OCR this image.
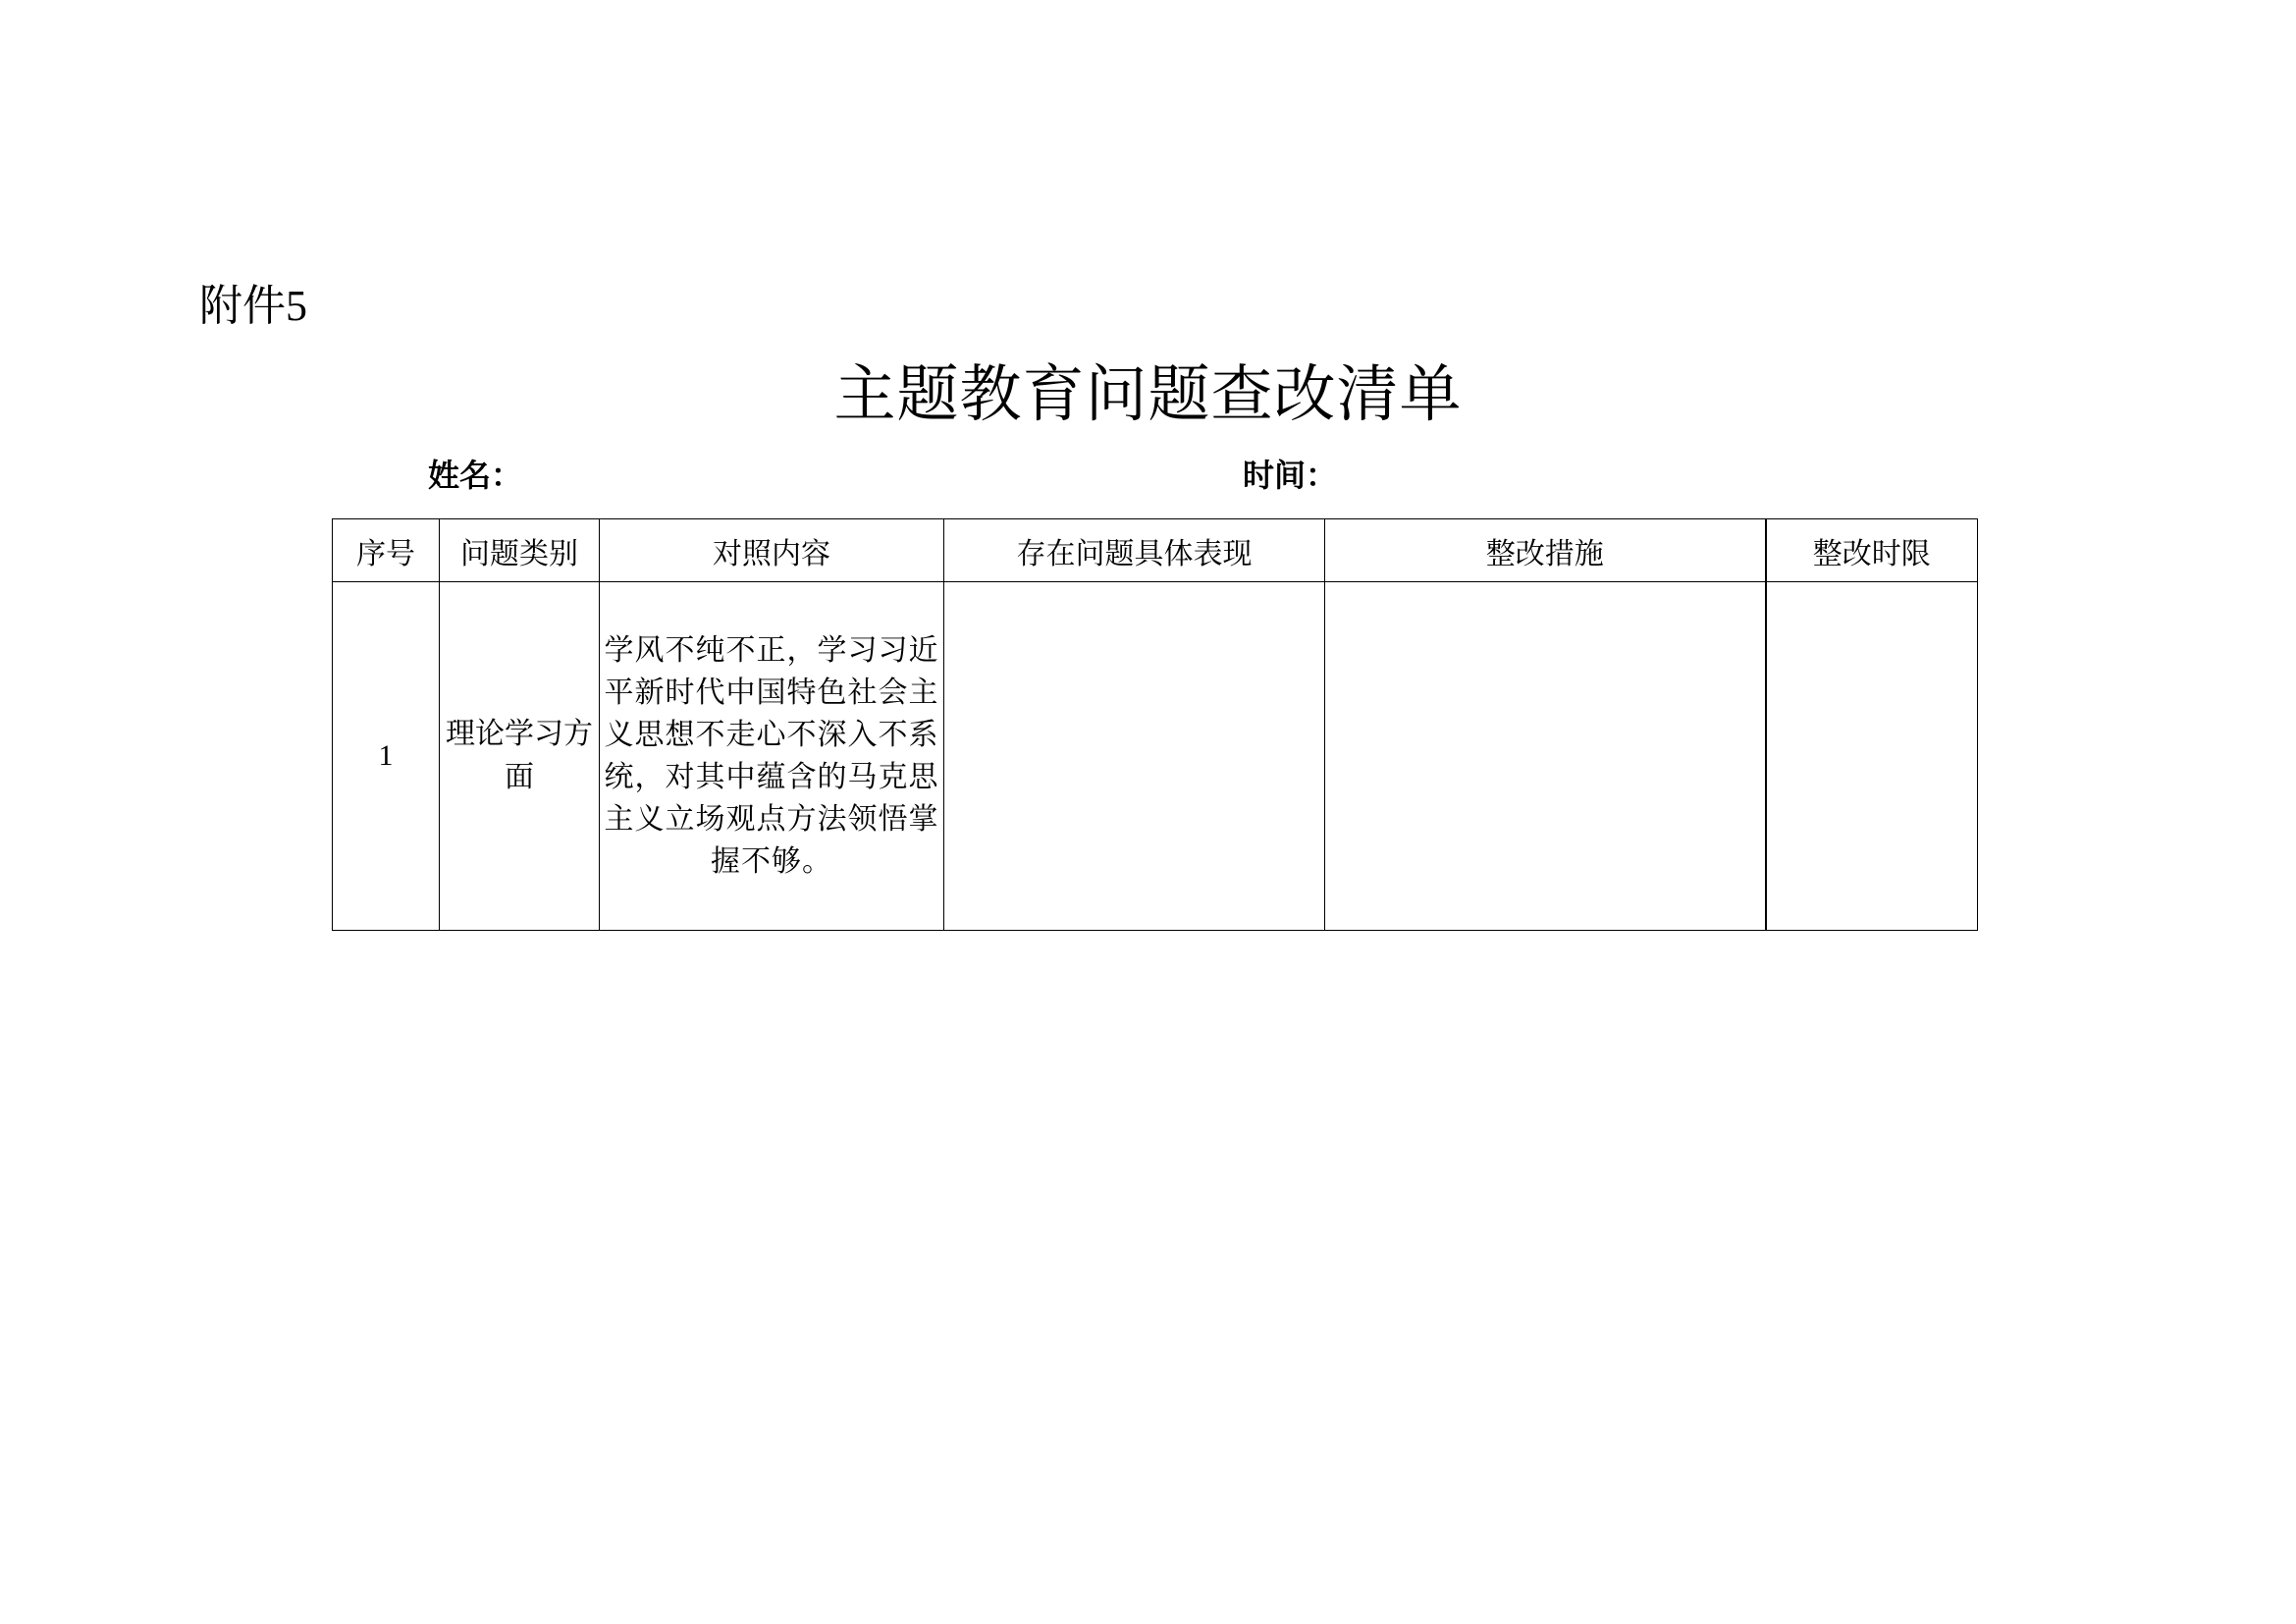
附件5
主题教育问题查改清单
姓名：	时间：
序号	问题类别	对照内容	存在问题具体表现	整改措施	整改时限
1	理论学习方面	学风不纯不正，学习习近平新时代中国特色社会主义思想不走心不深入不系统，对其中蕴含的马克思主义立场观点方法领悟掌握不够。			
